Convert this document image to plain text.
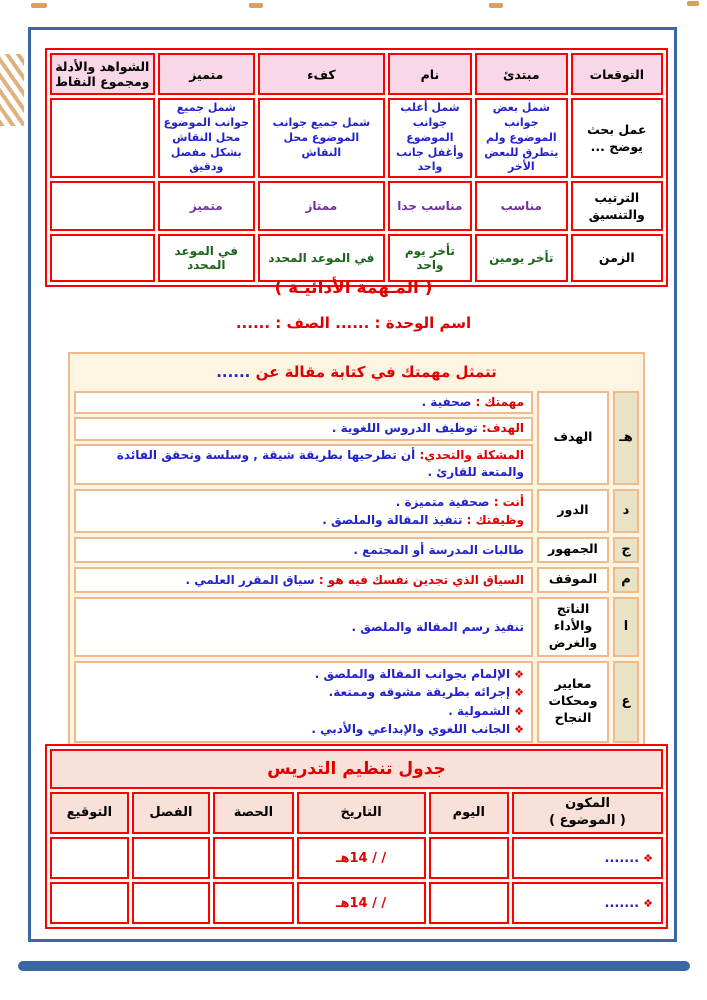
التوقعات	مبتدئ	نام	كفء	متميز	الشواهد والأدلة ومجموع النقاط
عمل بحث يوضح ...	شمل بعض جوانب الموضوع ولم يتطرق للبعض الأخر	شمل أغلب جوانب الموضوع وأغفل جانب واحد	شمل جميع جوانب الموضوع محل النقاش	شمل جميع جوانب الموضوع محل النقاش بشكل مفصل ودقيق	
الترتيب والتنسيق	مناسب	مناسب جدا	ممتاز	متميز	
الزمن	تأخر يومين	تأخر يوم واحد	في الموعد المحدد	في الموعد المحدد	
( المـهمة الأدائيـة )
اسم الوحدة : ...... الصف : ......
تتمثل مهمتك في كتابة مقالة عن ......		
هـ	الهدف	مهمتك : صحفية .
الهدف: توظيف الدروس اللغوية .
المشكلة والتحدي: أن تطرحيها بطريقة شيقة , وسلسة وتحقق الفائدة والمتعة للقارئ .

د	الدور	أنت : صحفية متميزة .
وظيفتك : تنفيذ المقالة والملصق .

ج	الجمهور	طالبات المدرسة أو المجتمع .
م	الموقف	السياق الذي تجدين نفسك فيه هو : سياق المقرر العلمي .
ا	الناتج والأداء والغرض	تنفيذ رسم المقالة والملصق .
ع	معايير ومحكات النجاح	❖الإلمام بجوانب المقالة والملصق .
❖إجرائه بطريقة مشوقه وممتعة.
❖الشمولية .
❖الجانب اللغوي والإبداعي والأدبي .
جدول تنظيم التدريس					

المكون
( الموضوع )	اليوم	التاريخ	الحصة	الفصل	التوقيع
❖.......		/ / 14هـ			
❖.......		/ / 14هـ			
